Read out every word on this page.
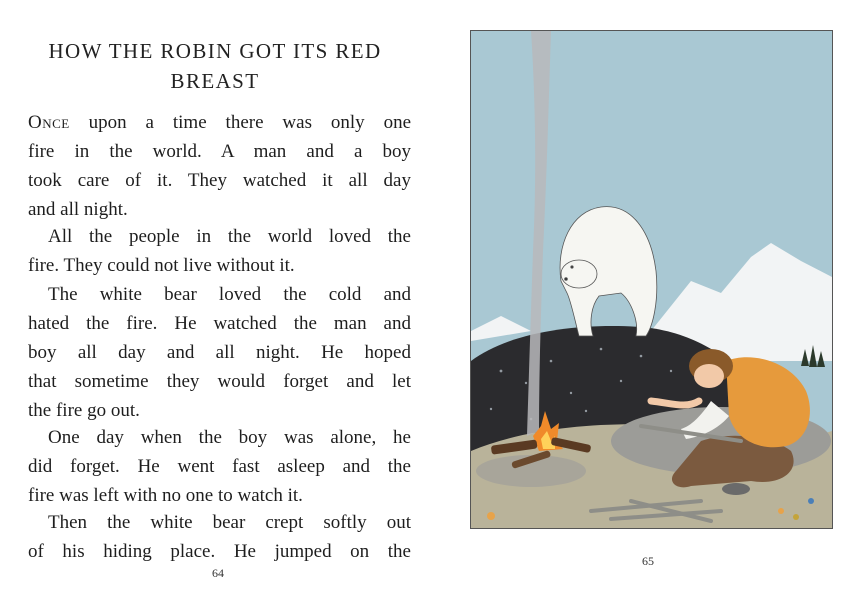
HOW THE ROBIN GOT ITS RED
BREAST

Once upon a time there was only one
fire in the world. A man and a boy
took care of it. They watched it all day
and all night.

All the people in the world loved the
fire. They could not live without it.

The white bear loved the cold and
hated the fire. He watched the man and
boy all day and all night. He hoped
that sometime they would forget and let
the fire go out.

One day when the boy was alone, he
did forget. He went fast asleep and the
fire was left with no one to watch it.

Then the white bear crept softly out
of his hiding place. He jumped on the

64
65
